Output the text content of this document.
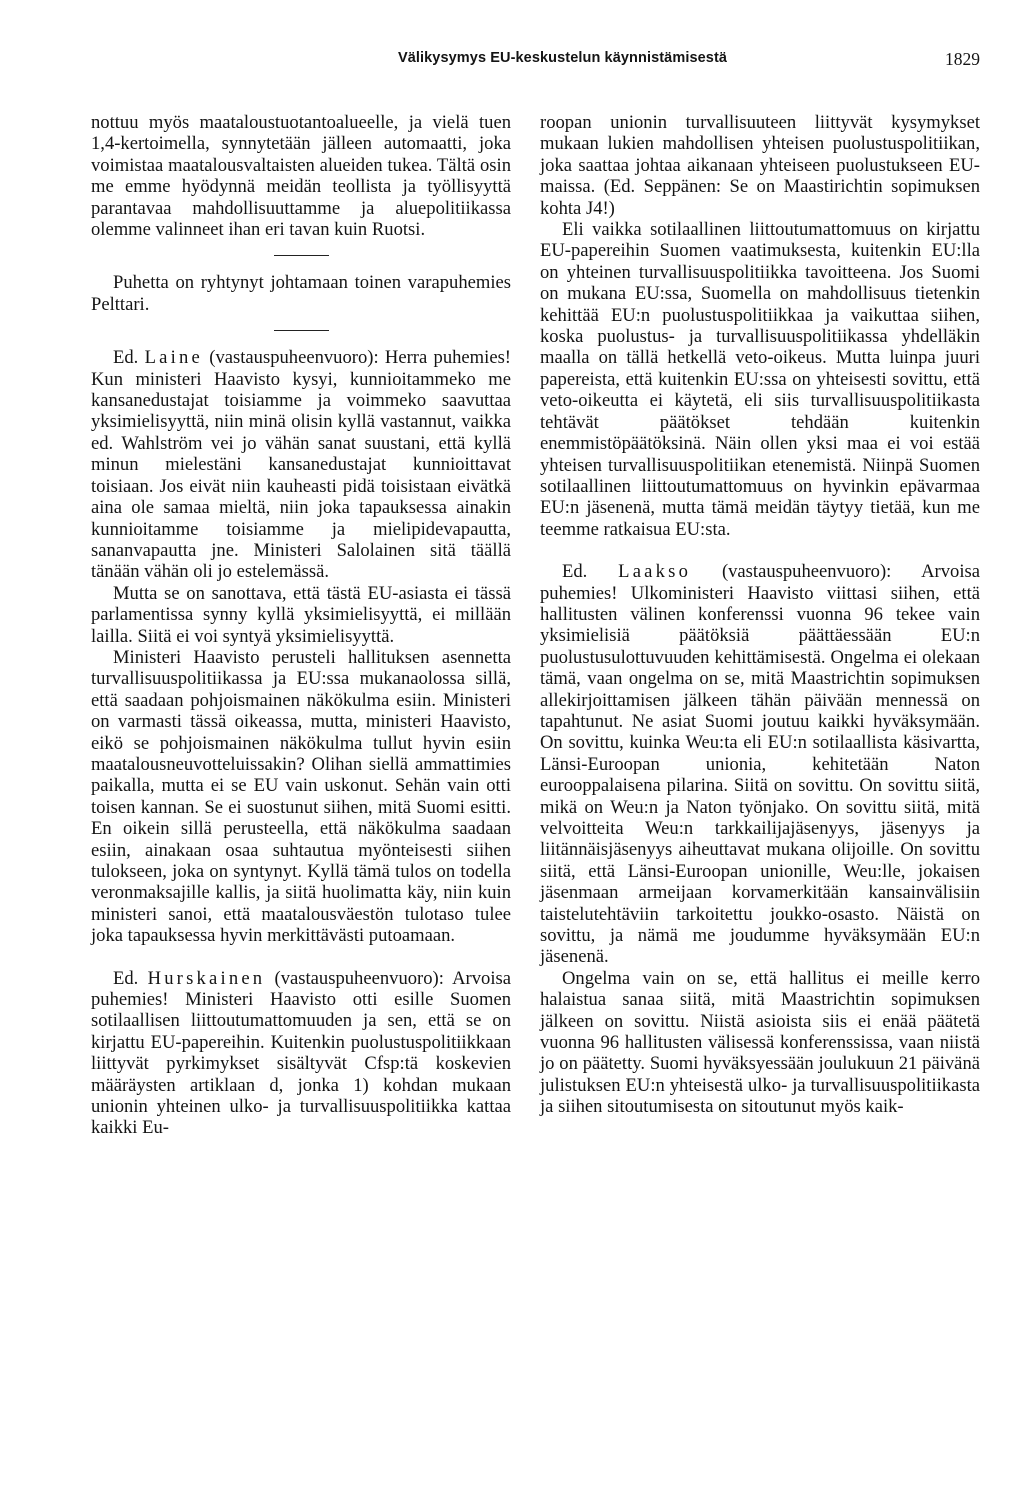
Välikysymys EU-keskustelun käynnistämisestä	1829

nottuu myös maataloustuotantoalueelle, ja vielä tuen 1,4-kertoimella, synnytetään jälleen automaatti, joka voimistaa maatalousvaltaisten alueiden tukea. Tältä osin me emme hyödynnä meidän teollista ja työllisyyttä parantavaa mahdollisuuttamme ja aluepolitiikassa olemme valinneet ihan eri tavan kuin Ruotsi.

Puhetta on ryhtynyt johtamaan toinen varapuhemies Pelttari.

Ed. Laine (vastauspuheenvuoro): Herra puhemies! Kun ministeri Haavisto kysyi, kunnioitammeko me kansanedustajat toisiamme ja voimmeko saavuttaa yksimielisyyttä, niin minä olisin kyllä vastannut, vaikka ed. Wahlström vei jo vähän sanat suustani, että kyllä minun mielestäni kansanedustajat kunnioittavat toisiaan. Jos eivät niin kauheasti pidä toisistaan eivätkä aina ole samaa mieltä, niin joka tapauksessa ainakin kunnioitamme toisiamme ja mielipidevapautta, sananvapautta jne. Ministeri Salolainen sitä täällä tänään vähän oli jo estelemässä.

Mutta se on sanottava, että tästä EU-asiasta ei tässä parlamentissa synny kyllä yksimielisyyttä, ei millään lailla. Siitä ei voi syntyä yksimielisyyttä.

Ministeri Haavisto perusteli hallituksen asennetta turvallisuuspolitiikassa ja EU:ssa mukanaolossa sillä, että saadaan pohjoismainen näkökulma esiin. Ministeri on varmasti tässä oikeassa, mutta, ministeri Haavisto, eikö se pohjoismainen näkökulma tullut hyvin esiin maatalousneuvotteluissakin? Olihan siellä ammattimies paikalla, mutta ei se EU vain uskonut. Sehän vain otti toisen kannan. Se ei suostunut siihen, mitä Suomi esitti. En oikein sillä perusteella, että näkökulma saadaan esiin, ainakaan osaa suhtautua myönteisesti siihen tulokseen, joka on syntynyt. Kyllä tämä tulos on todella veronmaksajille kallis, ja siitä huolimatta käy, niin kuin ministeri sanoi, että maatalousväestön tulotaso tulee joka tapauksessa hyvin merkittävästi putoamaan.

Ed. Hurskainen (vastauspuheenvuoro): Arvoisa puhemies! Ministeri Haavisto otti esille Suomen sotilaallisen liittoutumattomuuden ja sen, että se on kirjattu EU-papereihin. Kuitenkin puolustuspolitiikkaan liittyvät pyrkimykset sisältyvät Cfsp:tä koskevien määräysten artiklaan d, jonka 1) kohdan mukaan unionin yhteinen ulko- ja turvallisuuspolitiikka kattaa kaikki Eu-

roopan unionin turvallisuuteen liittyvät kysymykset mukaan lukien mahdollisen yhteisen puolustuspolitiikan, joka saattaa johtaa aikanaan yhteiseen puolustukseen EU-maissa. (Ed. Seppänen: Se on Maastirichtin sopimuksen kohta J4!)

Eli vaikka sotilaallinen liittoutumattomuus on kirjattu EU-papereihin Suomen vaatimuksesta, kuitenkin EU:lla on yhteinen turvallisuuspolitiikka tavoitteena. Jos Suomi on mukana EU:ssa, Suomella on mahdollisuus tietenkin kehittää EU:n puolustuspolitiikkaa ja vaikuttaa siihen, koska puolustus- ja turvallisuuspolitiikassa yhdelläkin maalla on tällä hetkellä veto-oikeus. Mutta luinpa juuri papereista, että kuitenkin EU:ssa on yhteisesti sovittu, että veto-oikeutta ei käytetä, eli siis turvallisuuspolitiikasta tehtävät päätökset tehdään kuitenkin enemmistöpäätöksinä. Näin ollen yksi maa ei voi estää yhteisen turvallisuuspolitiikan etenemistä. Niinpä Suomen sotilaallinen liittoutumattomuus on hyvinkin epävarmaa EU:n jäsenenä, mutta tämä meidän täytyy tietää, kun me teemme ratkaisua EU:sta.

Ed. Laakso (vastauspuheenvuoro): Arvoisa puhemies! Ulkoministeri Haavisto viittasi siihen, että hallitusten välinen konferenssi vuonna 96 tekee vain yksimielisiä päätöksiä päättäessään EU:n puolustusulottuvuuden kehittämisestä. Ongelma ei olekaan tämä, vaan ongelma on se, mitä Maastrichtin sopimuksen allekirjoittamisen jälkeen tähän päivään mennessä on tapahtunut. Ne asiat Suomi joutuu kaikki hyväksymään. On sovittu, kuinka Weu:ta eli EU:n sotilaallista käsivartta, Länsi-Euroopan unionia, kehitetään Naton eurooppalaisena pilarina. Siitä on sovittu. On sovittu siitä, mikä on Weu:n ja Naton työnjako. On sovittu siitä, mitä velvoitteita Weu:n tarkkailijajäsenyys, jäsenyys ja liitännäisjäsenyys aiheuttavat mukana olijoille. On sovittu siitä, että Länsi-Euroopan unionille, Weu:lle, jokaisen jäsenmaan armeijaan korvamerkitään kansainvälisiin taistelutehtäviin tarkoitettu joukko-osasto. Näistä on sovittu, ja nämä me joudumme hyväksymään EU:n jäsenenä.

Ongelma vain on se, että hallitus ei meille kerro halaistua sanaa siitä, mitä Maastrichtin sopimuksen jälkeen on sovittu. Niistä asioista siis ei enää päätetä vuonna 96 hallitusten välisessä konferenssissa, vaan niistä jo on päätetty. Suomi hyväksyessään joulukuun 21 päivänä julistuksen EU:n yhteisestä ulko- ja turvallisuuspolitiikasta ja siihen sitoutumisesta on sitoutunut myös kaik-
